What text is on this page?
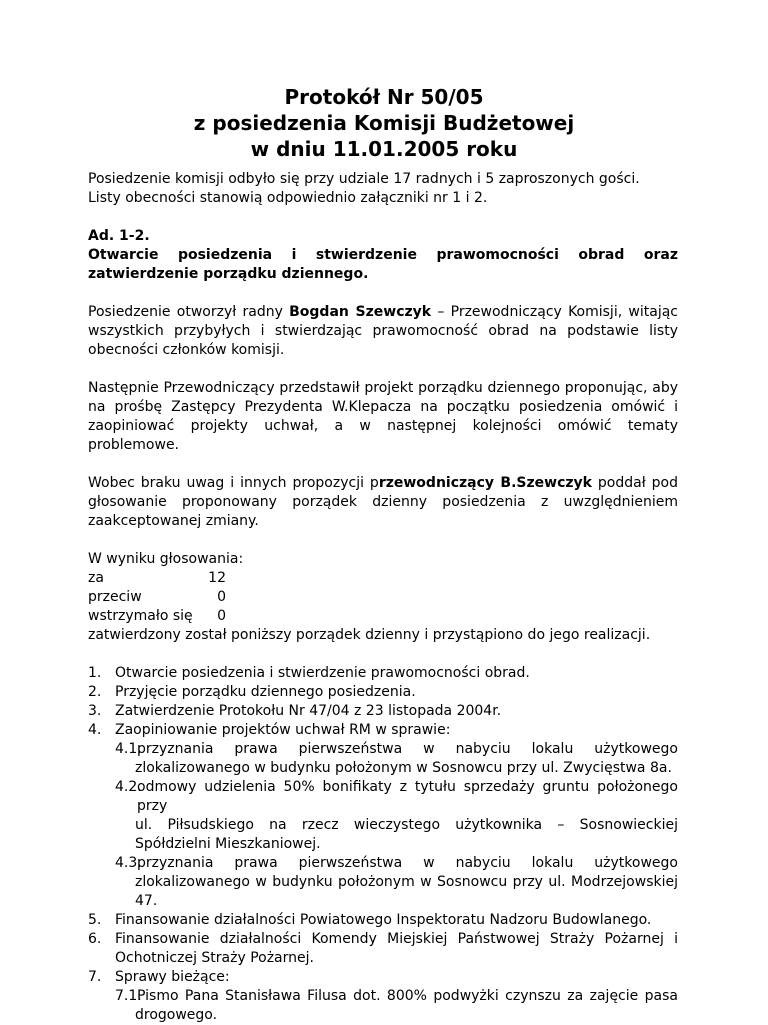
Protokół Nr 50/05
z posiedzenia Komisji Budżetowej
w dniu 11.01.2005 roku

Posiedzenie komisji odbyło się przy udziale 17 radnych i 5 zaproszonych gości.

Listy obecności stanowią odpowiednio załączniki nr 1 i 2.

Ad. 1-2.

Otwarcie posiedzenia i stwierdzenie prawomocności obrad oraz

zatwierdzenie porządku dziennego.

Posiedzenie otworzył radny Bogdan Szewczyk – Przewodniczący Komisji, witając wszystkich przybyłych i stwierdzając prawomocność obrad na podstawie listy obecności członków komisji.

Następnie Przewodniczący przedstawił projekt porządku dziennego proponując, aby na prośbę Zastępcy Prezydenta W.Klepacza na początku posiedzenia omówić i zaopiniować projekty uchwał, a w następnej kolejności omówić tematy problemowe.

Wobec braku uwag i innych propozycji przewodniczący B.Szewczyk poddał pod głosowanie proponowany porządek dzienny posiedzenia z uwzględnieniem zaakceptowanej zmiany.

W wyniku głosowania:

za	12
przeciw	0
wstrzymało się	0

zatwierdzony został poniższy porządek dzienny i przystąpiono do jego realizacji.

1. Otwarcie posiedzenia i stwierdzenie prawomocności obrad.
2. Przyjęcie porządku dziennego posiedzenia.
3. Zatwierdzenie Protokołu Nr 47/04 z 23 listopada 2004r.
4. Zaopiniowanie projektów uchwał RM w sprawie:
4.1.
przyznania prawa pierwszeństwa w nabyciu lokalu użytkowego
zlokalizowanego w budynku położonym w Sosnowcu przy ul. Zwycięstwa 8a.
4.2.
odmowy udzielenia 50% bonifikaty z tytułu sprzedaży gruntu położonego przy
ul. Piłsudskiego na rzecz wieczystego użytkownika – Sosnowieckiej Spółdzielni Mieszkaniowej.
4.3.
przyznania prawa pierwszeństwa w nabyciu lokalu użytkowego
zlokalizowanego w budynku położonym w Sosnowcu przy ul. Modrzejowskiej 47.
5. Finansowanie działalności Powiatowego Inspektoratu Nadzoru Budowlanego.
6. Finansowanie działalności Komendy Miejskiej Państwowej Straży Pożarnej i Ochotniczej Straży Pożarnej.
7. Sprawy bieżące:
7.1.
Pismo Pana Stanisława Filusa dot. 800% podwyżki czynszu za zajęcie pasa
drogowego.
